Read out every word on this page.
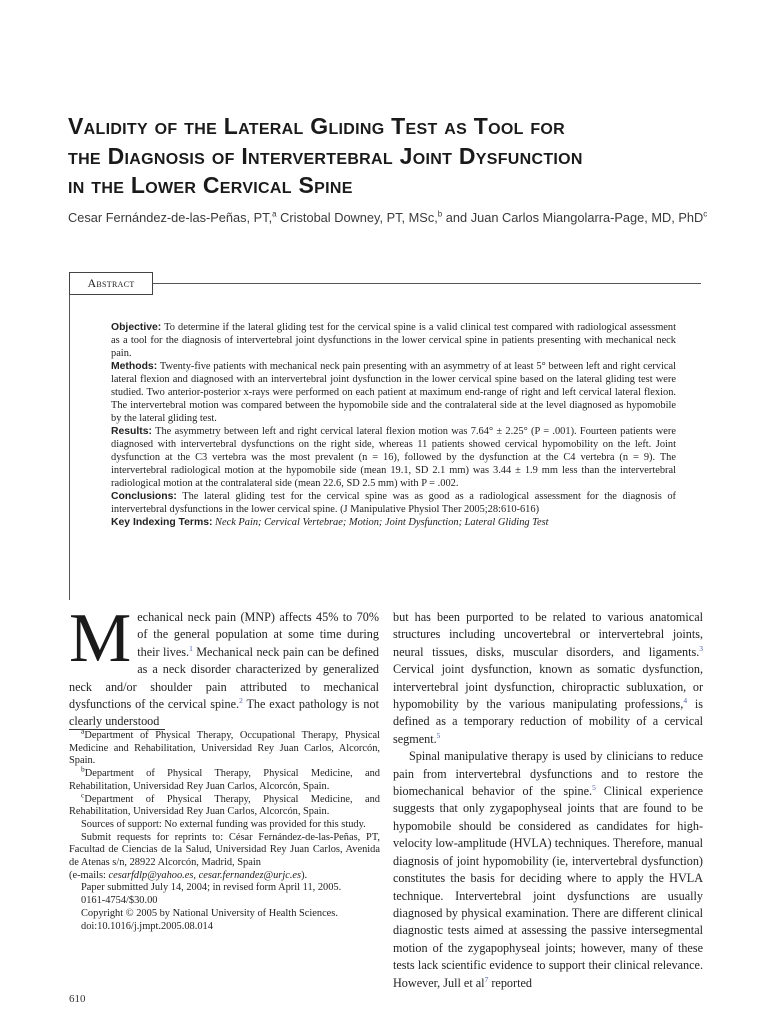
Validity of the Lateral Gliding Test as Tool for
the Diagnosis of Intervertebral Joint Dysfunction
in the Lower Cervical Spine
Cesar Fernández-de-las-Peñas, PT,$^a$ Cristobal Downey, PT, MSc,$^b$ and Juan Carlos Miangolarra-Page, MD, PhD$^c$
Abstract

Objective: To determine if the lateral gliding test for the cervical spine is a valid clinical test compared with radiological assessment as a tool for the diagnosis of intervertebral joint dysfunctions in the lower cervical spine in patients presenting with mechanical neck pain.

Methods: Twenty-five patients with mechanical neck pain presenting with an asymmetry of at least 5° between left and right cervical lateral flexion and diagnosed with an intervertebral joint dysfunction in the lower cervical spine based on the lateral gliding test were studied. Two anterior-posterior x-rays were performed on each patient at maximum end-range of right and left cervical lateral flexion. The intervertebral motion was compared between the hypomobile side and the contralateral side at the level diagnosed as hypomobile by the lateral gliding test.

Results: The asymmetry between left and right cervical lateral flexion motion was 7.64° ± 2.25° (P = .001). Fourteen patients were diagnosed with intervertebral dysfunctions on the right side, whereas 11 patients showed cervical hypomobility on the left. Joint dysfunction at the C3 vertebra was the most prevalent (n = 16), followed by the dysfunction at the C4 vertebra (n = 9). The intervertebral radiological motion at the hypomobile side (mean 19.1, SD 2.1 mm) was 3.44 ± 1.9 mm less than the intervertebral radiological motion at the contralateral side (mean 22.6, SD 2.5 mm) with P = .002.

Conclusions: The lateral gliding test for the cervical spine was as good as a radiological assessment for the diagnosis of intervertebral dysfunctions in the lower cervical spine. (J Manipulative Physiol Ther 2005;28:610-616)

Key Indexing Terms: Neck Pain; Cervical Vertebrae; Motion; Joint Dysfunction; Lateral Gliding Test

Mechanical neck pain (MNP) affects 45% to 70% of the general population at some time during their lives.$^1$ Mechanical neck pain can be defined as a neck disorder characterized by generalized neck and/or shoulder pain attributed to mechanical dysfunctions of the cervical spine.$^2$ The exact pathology is not clearly understood

$^a$Department of Physical Therapy, Occupational Therapy, Physical Medicine and Rehabilitation, Universidad Rey Juan Carlos, Alcorcón, Spain.

$^b$Department of Physical Therapy, Physical Medicine, and Rehabilitation, Universidad Rey Juan Carlos, Alcorcón, Spain.

$^c$Department of Physical Therapy, Physical Medicine, and Rehabilitation, Universidad Rey Juan Carlos, Alcorcón, Spain.

Sources of support: No external funding was provided for this study.

Submit requests for reprints to: César Fernández-de-las-Peñas, PT, Facultad de Ciencias de la Salud, Universidad Rey Juan Carlos, Avenida de Atenas s/n, 28922 Alcorcón, Madrid, Spain

(e-mails: cesarfdlp@yahoo.es, cesar.fernandez@urjc.es).

Paper submitted July 14, 2004; in revised form April 11, 2005.

0161-4754/$30.00

Copyright © 2005 by National University of Health Sciences.

doi:10.1016/j.jmpt.2005.08.014

but has been purported to be related to various anatomical structures including uncovertebral or intervertebral joints, neural tissues, disks, muscular disorders, and ligaments.$^3$ Cervical joint dysfunction, known as somatic dysfunction, intervertebral joint dysfunction, chiropractic subluxation, or hypomobility by the various manipulating professions,$^4$ is defined as a temporary reduction of mobility of a cervical segment.$^5$

Spinal manipulative therapy is used by clinicians to reduce pain from intervertebral dysfunctions and to restore the biomechanical behavior of the spine.$^5$ Clinical experience suggests that only zygapophyseal joints that are found to be hypomobile should be considered as candidates for high-velocity low-amplitude (HVLA) techniques. Therefore, manual diagnosis of joint hypomobility (ie, intervertebral dysfunction) constitutes the basis for deciding where to apply the HVLA technique. Intervertebral joint dysfunctions are usually diagnosed by physical examination. There are different clinical diagnostic tests aimed at assessing the passive intersegmental motion of the zygapophyseal joints; however, many of these tests lack scientific evidence to support their clinical relevance. However, Jull et $al^7$ reported

610
